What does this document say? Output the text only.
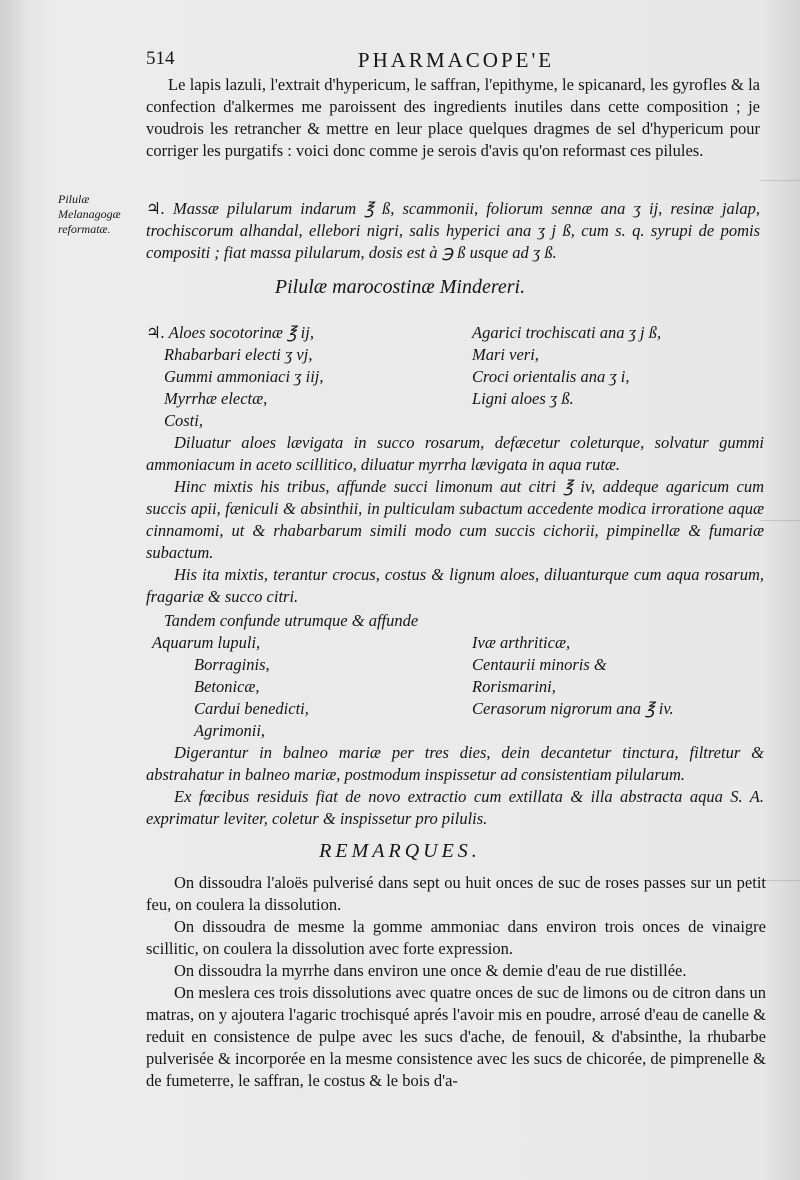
514	PHARMACOPE'E
Le lapis lazuli, l'extrait d'hypericum, le saffran, l'epithyme, le spicanard, les gyrofles & la confection d'alkermes me paroissent des ingredients inutiles dans cette composition ; je voudrois les retrancher & mettre en leur place quelques dragmes de sel d'hypericum pour corriger les purgatifs : voici donc comme je serois d'avis qu'on reformast ces pilules.
Pilulæ Melanagogæ reformatæ.
♃. Massæ pilularum indarum ℥ ß, scammonii, foliorum sennæ ana ʒ ij, resinæ jalap, trochiscorum alhandal, ellebori nigri, salis hyperici ana ʒ j ß, cum s. q. syrupi de pomis compositi ; fiat massa pilularum, dosis est à ℈ ß usque ad ʒ ß.
Pilulæ marocostinæ Mindereri.
♃. Aloes socotorinæ ℥ ij,
Rhabarbari electi ʒ vj,
Gummi ammoniaci ʒ iij,
Myrrhæ electæ,
Costi,
Agarici trochiscati ana ʒ j ß,
Mari veri,
Croci orientalis ana ʒ i,
Ligni aloes ʒ ß.

Diluatur aloes lævigata in succo rosarum, defæcetur coleturque, solvatur gummi ammoniacum in aceto scillitico, diluatur myrrha lævigata in aqua rutæ.

Hinc mixtis his tribus, affunde succi limonum aut citri ℥ iv, addeque agaricum cum succis apii, fæniculi & absinthii, in pulticulam subactum accedente modica irroratione aquæ cinnamomi, ut & rhabarbarum simili modo cum succis cichorii, pimpinellæ & fumariæ subactum.

His ita mixtis, terantur crocus, costus & lignum aloes, diluanturque cum aqua rosarum, fragariæ & succo citri.

Tandem confunde utrumque & affunde
Aquarum lupuli,
Borraginis,
Betonicæ,
Cardui benedicti,
Agrimonii,
Ivæ arthriticæ,
Centaurii minoris &
Rorismarini,
Cerasorum nigrorum ana ℥ iv.

Digerantur in balneo mariæ per tres dies, dein decantetur tinctura, filtretur & abstrahatur in balneo mariæ, postmodum inspissetur ad consistentiam pilularum.

Ex fœcibus residuis fiat de novo extractio cum extillata & illa abstracta aqua S. A. exprimatur leviter, coletur & inspissetur pro pilulis.

REMARQUES.

On dissoudra l'aloës pulverisé dans sept ou huit onces de suc de roses passes sur un petit feu, on coulera la dissolution.

On dissoudra de mesme la gomme ammoniac dans environ trois onces de vinaigre scillitic, on coulera la dissolution avec forte expression.

On dissoudra la myrrhe dans environ une once & demie d'eau de rue distillée.

On meslera ces trois dissolutions avec quatre onces de suc de limons ou de citron dans un matras, on y ajoutera l'agaric trochisqué aprés l'avoir mis en poudre, arrosé d'eau de canelle & reduit en consistence de pulpe avec les sucs d'ache, de fenouil, & d'absinthe, la rhubarbe pulverisée & incorporée en la mesme consistence avec les sucs de chicorée, de pimprenelle & de fumeterre, le saffran, le costus & le bois d'a-
